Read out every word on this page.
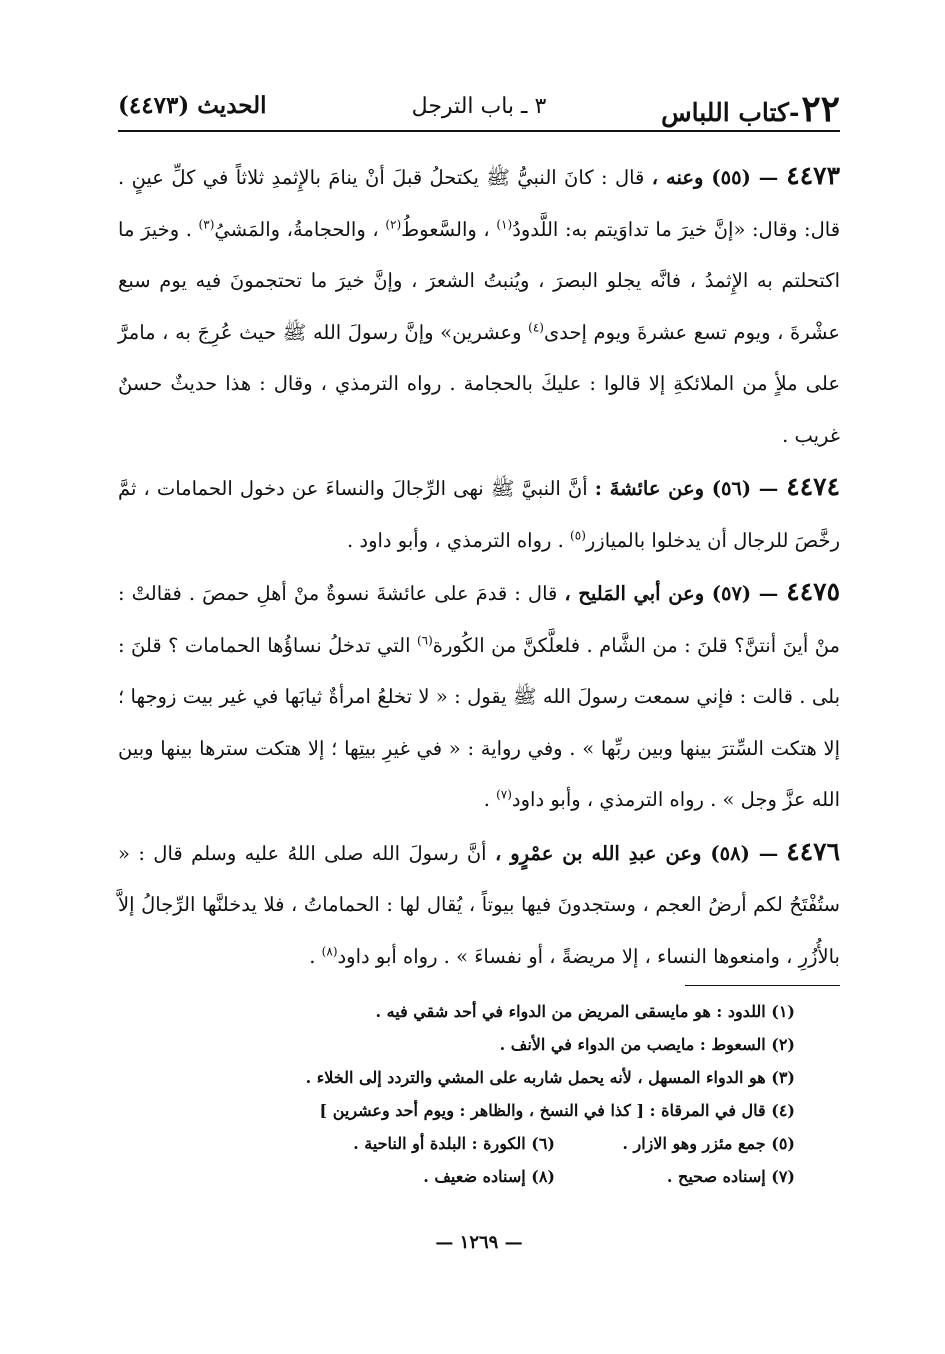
٢٢-كتاب اللباس
٣ ـ باب الترجل
الحديث (٤٤٧٣)

٤٤٧٣— (٥٥) وعنه ، قال : كانَ النبيُّ ﷺ يكتحلُ قبلَ أنْ ينامَ بالإِثمدِ ثلاثاً في كلِّ عينٍ . قال: وقال: «إنَّ خيرَ ما تداوَيتم به: اللَّدودُ$^{(١)}$ ، والسَّعوطُ$^{(٢)}$ ، والحجامةُ، والمَشيُ$^{(٣)}$ . وخيرَ ما اكتحلتم به الإِثمدُ ، فانَّه يجلو البصرَ ، ويُنبتُ الشعرَ ، وإنَّ خيرَ ما تحتجمونَ فيه يوم سبع عشْرةَ ، ويوم تسع عشرةَ ويوم إحدى$^{(٤)}$ وعشرين» وإنَّ رسولَ الله ﷺ حيث عُرِجَ به ، مامرَّ على ملأٍ من الملائكةِ إلا قالوا : عليكَ بالحجامة . رواه الترمذي ، وقال : هذا حديثٌ حسنٌ غريب .

٤٤٧٤— (٥٦) وعن عائشةَ : أنَّ النبيَّ ﷺ نهى الرِّجالَ والنساءَ عن دخول الحمامات ، ثمَّ رخَّصَ للرجال أن يدخلوا بالميازر$^{(٥)}$ . رواه الترمذي ، وأبو داود .

٤٤٧٥— (٥٧) وعن أبي المَليح ، قال : قدمَ على عائشةَ نسوةٌ منْ أهلِ حمصَ . فقالتْ : منْ أينَ أنتنَّ؟ قلنَ : من الشَّام . فلعلَّكنَّ من الكُورة$^{(٦)}$ التي تدخلُ نساؤُها الحمامات ؟ قلنَ : بلى . قالت : فإني سمعت رسولَ الله ﷺ يقول : « لا تخلعُ امرأةٌ ثيابَها في غير بيت زوجها ؛ إلا هتكت السِّترَ بينها وبين ربِّها » . وفي رواية : « في غيرِ بيتِها ؛ إلا هتكت سترها بينها وبين الله عزَّ وجل » . رواه الترمذي ، وأبو داود$^{(٧)}$ .

٤٤٧٦— (٥٨) وعن عبدِ الله بن عمْرٍو ، أنَّ رسولَ الله صلى اللهُ عليه وسلم قال : « ستُفْتَحُ لكم أرضُ العجم ، وستجدونَ فيها بيوتاً ، يُقال لها : الحماماتُ ، فلا يدخلنَّها الرِّجالُ إلاَّ بالأُزُرِ ، وامنعوها النساء ، إلا مريضةً ، أو نفساءَ » . رواه أبو داود$^{(٨)}$ .

(١) اللدود : هو مايسقى المريض من الدواء في أحد شقي فيه .
(٢) السعوط : مايصب من الدواء في الأنف .
(٣) هو الدواء المسهل ، لأنه يحمل شاربه على المشي والتردد إلى الخلاء .
(٤) قال في المرقاة : [ كذا في النسخ ، والظاهر : ويوم أحد وعشرين ]
(٥) جمع مئزر وهو الازار .
(٦) الكورة : البلدة أو الناحية .
(٧) إسناده صحيح .
(٨) إسناده ضعيف .
— ١٢٦٩ —
